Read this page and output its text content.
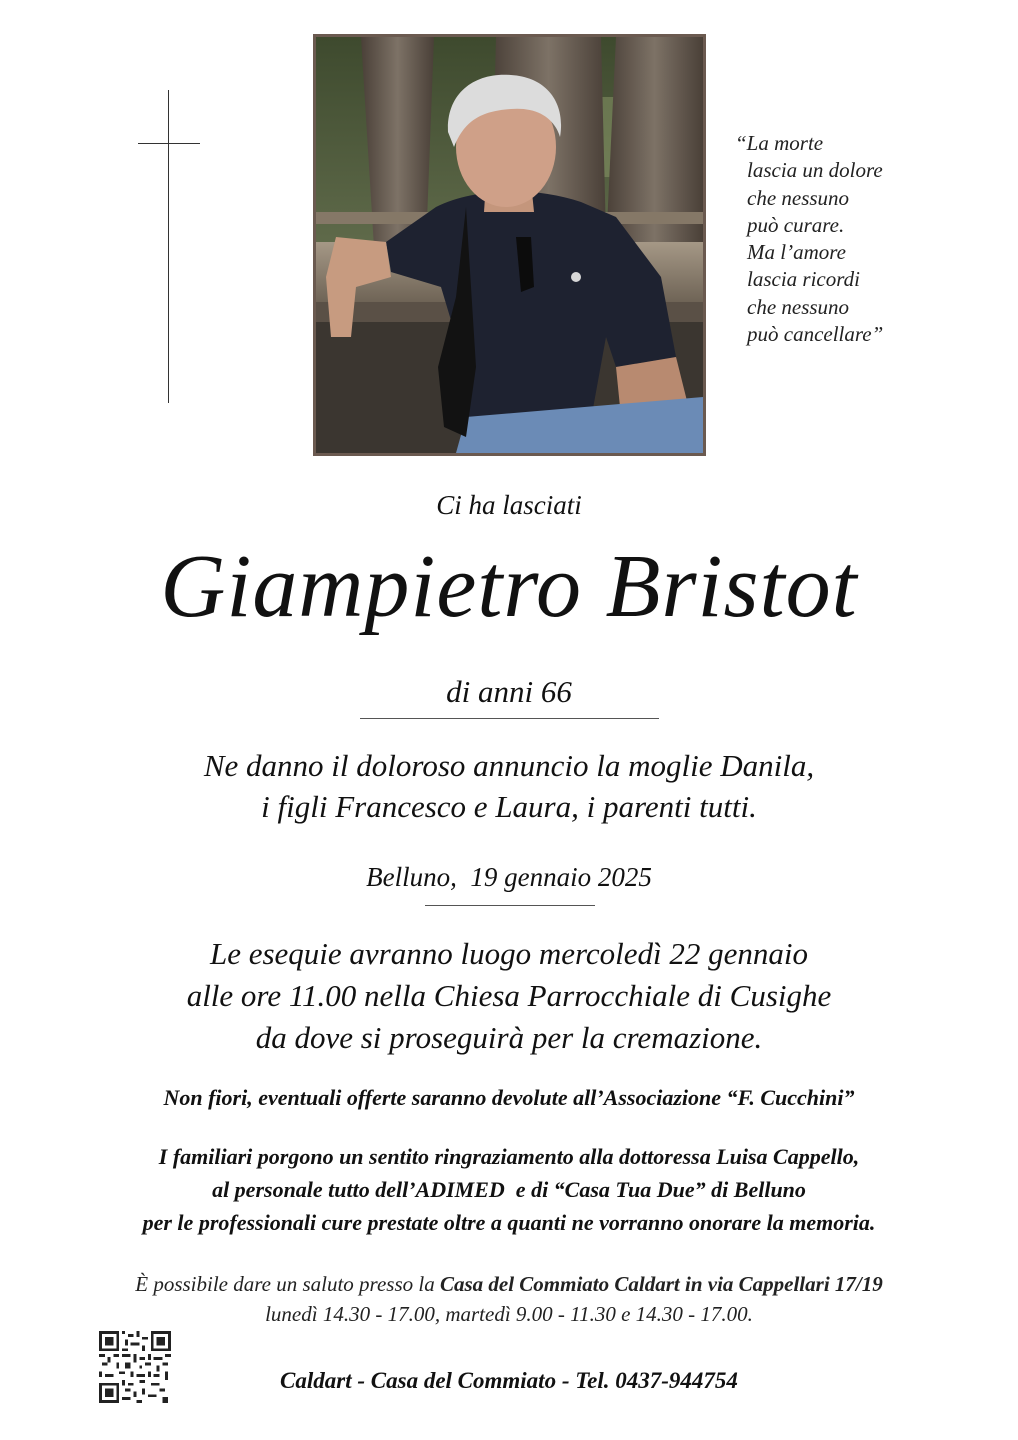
“La morte
lascia un dolore
che nessuno
può curare.
Ma l’amore
lascia ricordi
che nessuno
può cancellare”
Ci ha lasciati
Giampietro Bristot
di anni 66
Ne danno il doloroso annuncio la moglie Danila,
i figli Francesco e Laura, i parenti tutti.
Belluno,  19 gennaio 2025
Le esequie avranno luogo mercoledì 22 gennaio
alle ore 11.00 nella Chiesa Parrocchiale di Cusighe
da dove si proseguirà per la cremazione.
Non fiori, eventuali offerte saranno devolute all’Associazione “F. Cucchini”
I familiari porgono un sentito ringraziamento alla dottoressa Luisa Cappello,
al personale tutto dell’ADIMED  e di “Casa Tua Due” di Belluno
per le professionali cure prestate oltre a quanti ne vorranno onorare la memoria.
È possibile dare un saluto presso la Casa del Commiato Caldart in via Cappellari 17/19
lunedì 14.30 - 17.00, martedì 9.00 - 11.30 e 14.30 - 17.00.
Caldart - Casa del Commiato - Tel. 0437-944754
